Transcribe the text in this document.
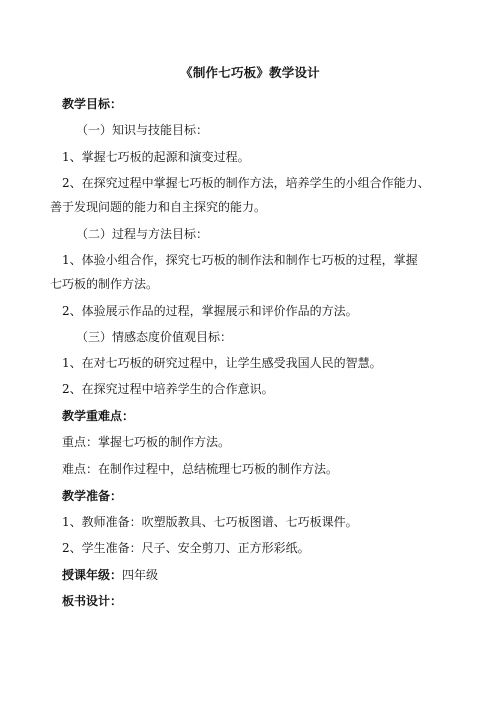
《制作七巧板》教学设计
教学目标：
（一）知识与技能目标：
1、掌握七巧板的起源和演变过程。
2、在探究过程中掌握七巧板的制作方法，培养学生的小组合作能力、
善于发现问题的能力和自主探究的能力。
（二）过程与方法目标：
1、体验小组合作，探究七巧板的制作法和制作七巧板的过程，掌握
七巧板的制作方法。
2、体验展示作品的过程，掌握展示和评价作品的方法。
（三）情感态度价值观目标：
1、在对七巧板的研究过程中，让学生感受我国人民的智慧。
2、在探究过程中培养学生的合作意识。
教学重难点：
重点：掌握七巧板的制作方法。
难点：在制作过程中，总结梳理七巧板的制作方法。
教学准备：
1、教师准备：吹塑版教具、七巧板图谱、七巧板课件。
2、学生准备：尺子、安全剪刀、正方形彩纸。
授课年级：四年级
板书设计：
